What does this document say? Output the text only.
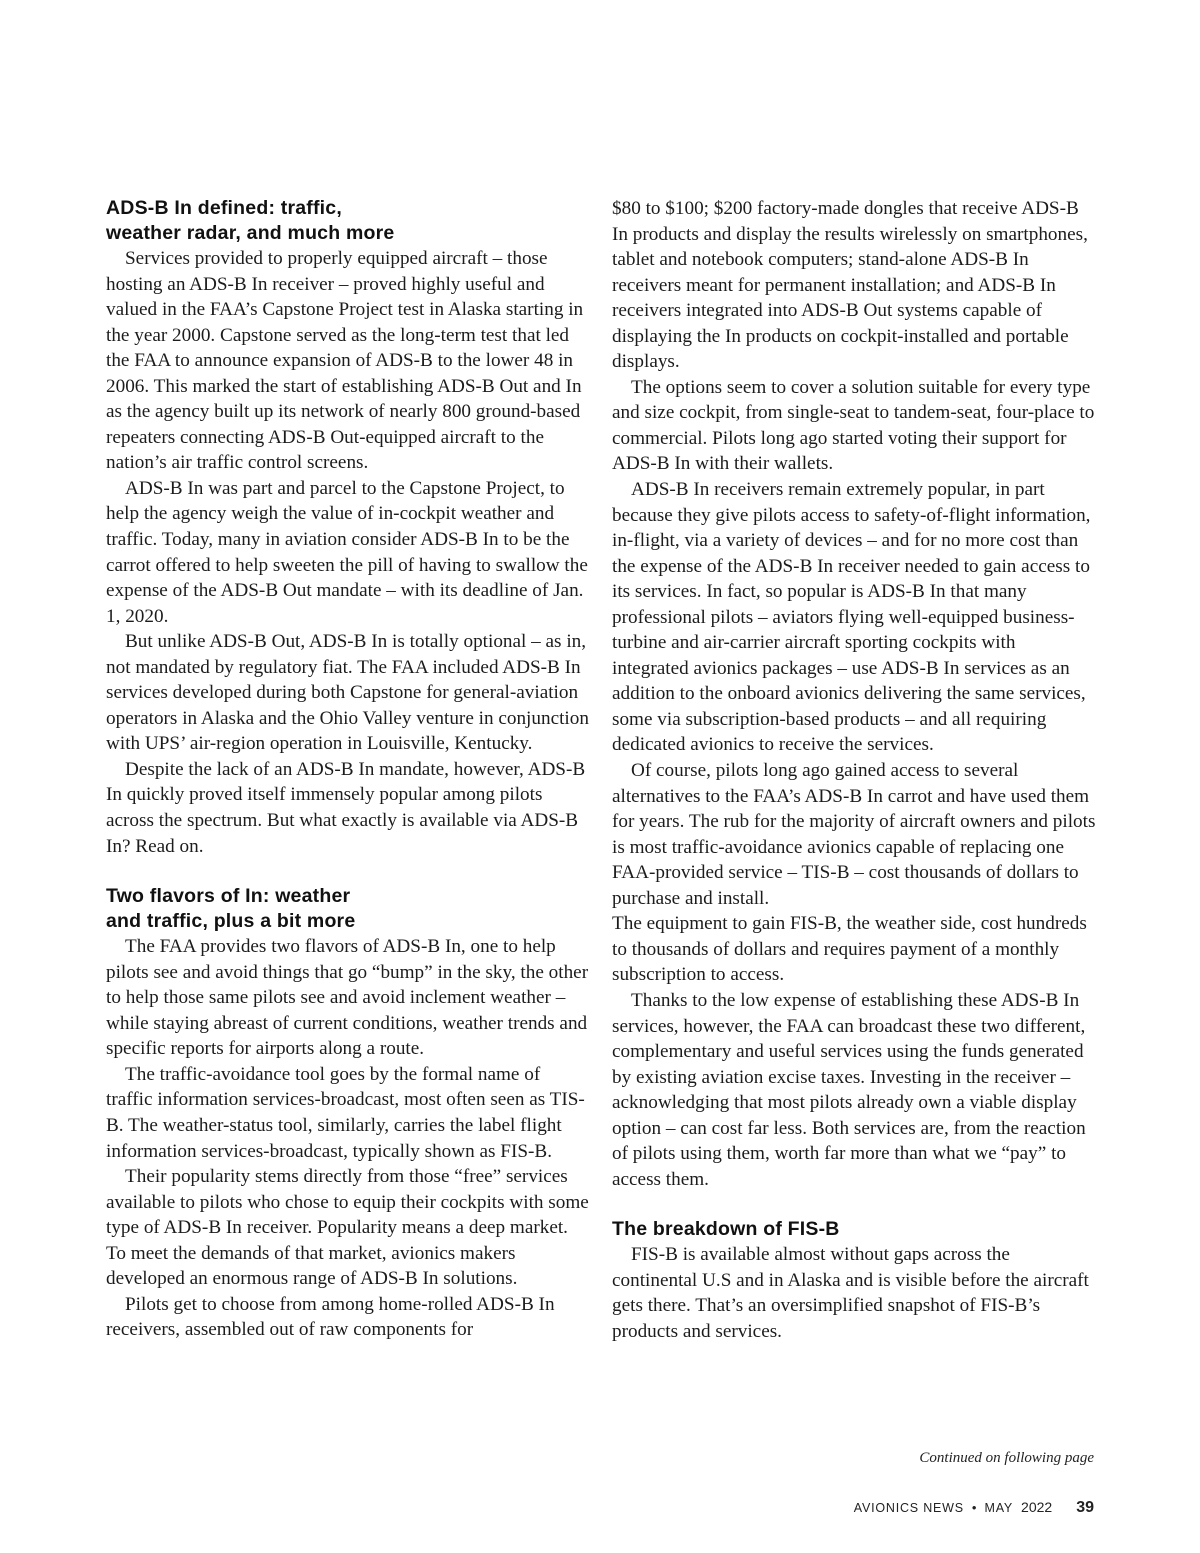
ADS-B In defined: traffic,
weather radar, and much more

Services provided to properly equipped aircraft – those hosting an ADS-B In receiver – proved highly useful and valued in the FAA’s Capstone Project test in Alaska starting in the year 2000. Capstone served as the long-term test that led the FAA to announce expansion of ADS-B to the lower 48 in 2006. This marked the start of establishing ADS-B Out and In as the agency built up its network of nearly 800 ground-based repeaters connecting ADS-B Out-equipped aircraft to the nation’s air traffic control screens.

ADS-B In was part and parcel to the Capstone Project, to help the agency weigh the value of in-cockpit weather and traffic. Today, many in aviation consider ADS-B In to be the carrot offered to help sweeten the pill of having to swallow the expense of the ADS-B Out mandate – with its deadline of Jan. 1, 2020.

But unlike ADS-B Out, ADS-B In is totally optional – as in, not mandated by regulatory fiat. The FAA included ADS-B In services developed during both Capstone for general-aviation operators in Alaska and the Ohio Valley venture in conjunction with UPS’ air-region operation in Louisville, Kentucky.

Despite the lack of an ADS-B In mandate, however, ADS-B In quickly proved itself immensely popular among pilots across the spectrum. But what exactly is available via ADS-B In? Read on.

Two flavors of In: weather
and traffic, plus a bit more

The FAA provides two flavors of ADS-B In, one to help pilots see and avoid things that go “bump” in the sky, the other to help those same pilots see and avoid inclement weather – while staying abreast of current conditions, weather trends and specific reports for airports along a route.

The traffic-avoidance tool goes by the formal name of traffic information services-broadcast, most often seen as TIS-B. The weather-status tool, similarly, carries the label flight information services-broadcast, typically shown as FIS-B.

Their popularity stems directly from those “free” services available to pilots who chose to equip their cockpits with some type of ADS-B In receiver. Popularity means a deep market. To meet the demands of that market, avionics makers developed an enormous range of ADS-B In solutions.

Pilots get to choose from among home-rolled ADS-B In receivers, assembled out of raw components for

$80 to $100; $200 factory-made dongles that receive ADS-B In products and display the results wirelessly on smartphones, tablet and notebook computers; stand-alone ADS-B In receivers meant for permanent installation; and ADS-B In receivers integrated into ADS-B Out systems capable of displaying the In products on cockpit-installed and portable displays.

The options seem to cover a solution suitable for every type and size cockpit, from single-seat to tandem-seat, four-place to commercial. Pilots long ago started voting their support for ADS-B In with their wallets.

ADS-B In receivers remain extremely popular, in part because they give pilots access to safety-of-flight information, in-flight, via a variety of devices – and for no more cost than the expense of the ADS-B In receiver needed to gain access to its services. In fact, so popular is ADS-B In that many professional pilots – aviators flying well-equipped business-turbine and air-carrier aircraft sporting cockpits with integrated avionics packages – use ADS-B In services as an addition to the onboard avionics delivering the same services, some via subscription-based products – and all requiring dedicated avionics to receive the services.

Of course, pilots long ago gained access to several alternatives to the FAA’s ADS-B In carrot and have used them for years. The rub for the majority of aircraft owners and pilots is most traffic-avoidance avionics capable of replacing one FAA-provided service – TIS-B – cost thousands of dollars to purchase and install.

The equipment to gain FIS-B, the weather side, cost hundreds to thousands of dollars and requires payment of a monthly subscription to access.

Thanks to the low expense of establishing these ADS-B In services, however, the FAA can broadcast these two different, complementary and useful services using the funds generated by existing aviation excise taxes. Investing in the receiver – acknowledging that most pilots already own a viable display option – can cost far less. Both services are, from the reaction of pilots using them, worth far more than what we “pay” to access them.

The breakdown of FIS-B

FIS-B is available almost without gaps across the continental U.S and in Alaska and is visible before the aircraft gets there. That’s an oversimplified snapshot of FIS-B’s products and services.

Continued on following page
AVIONICS NEWS • MAY 2022 39
